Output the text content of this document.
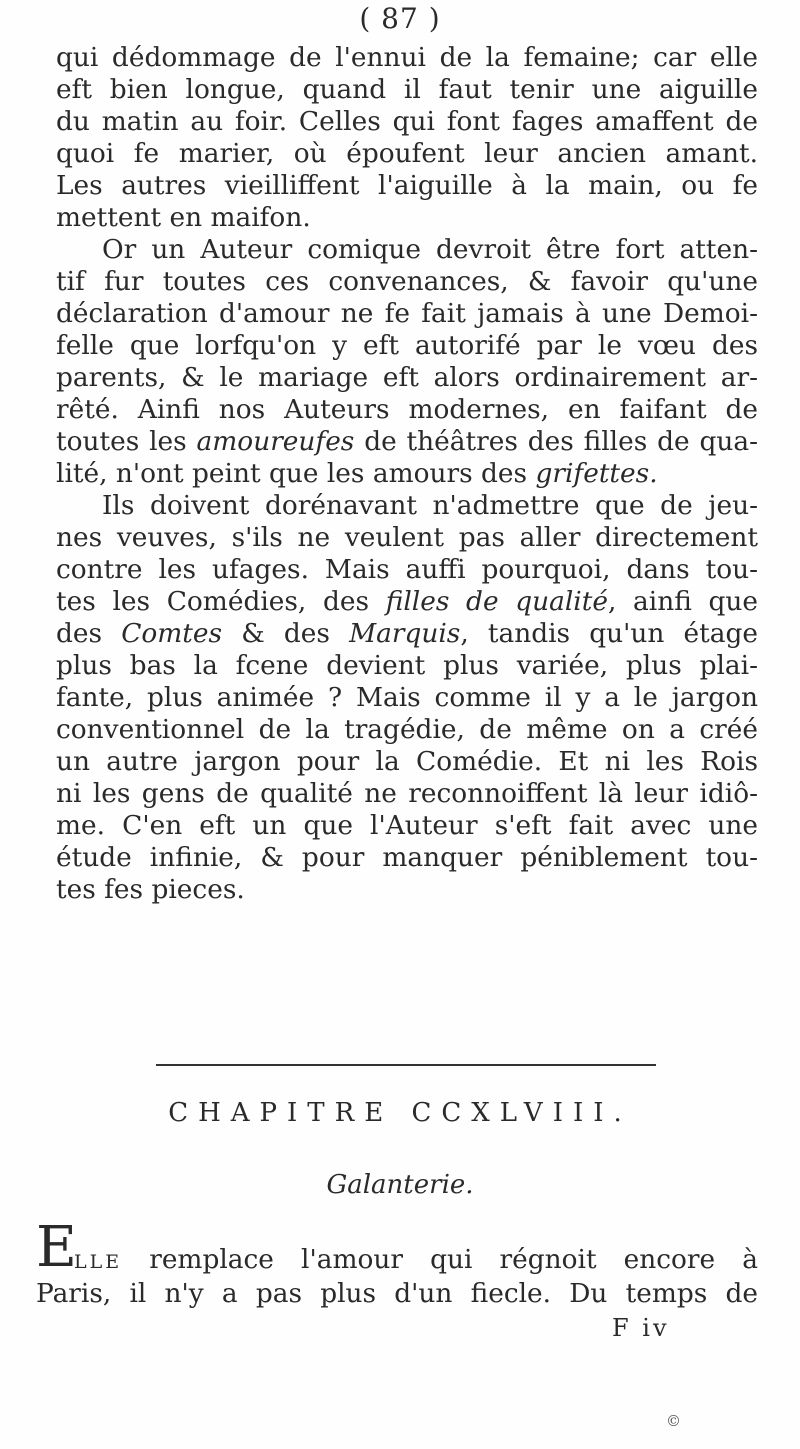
( 87 )
qui dédommage de l'ennui de la femaine; car elle
eft bien longue, quand il faut tenir une aiguille
du matin au foir. Celles qui font fages amaffent de
quoi fe marier, où époufent leur ancien amant.
Les autres vieilliffent l'aiguille à la main, ou fe
mettent en maifon.
Or un Auteur comique devroit être fort atten-
tif fur toutes ces convenances, & favoir qu'une
déclaration d'amour ne fe fait jamais à une Demoi-
felle que lorfqu'on y eft autorifé par le vœu des
parents, & le mariage eft alors ordinairement ar-
rêté. Ainfi nos Auteurs modernes, en faifant de
toutes les amoureufes de théâtres des filles de qua-
lité, n'ont peint que les amours des grifettes.
Ils doivent dorénavant n'admettre que de jeu-
nes veuves, s'ils ne veulent pas aller directement
contre les ufages. Mais auffi pourquoi, dans tou-
tes les Comédies, des filles de qualité, ainfi que
des Comtes & des Marquis, tandis qu'un étage
plus bas la fcene devient plus variée, plus plai-
fante, plus animée ? Mais comme il y a le jargon
conventionnel de la tragédie, de même on a créé
un autre jargon pour la Comédie. Et ni les Rois
ni les gens de qualité ne reconnoiffent là leur idiô-
me. C'en eft un que l'Auteur s'eft fait avec une
étude infinie, & pour manquer péniblement tou-
tes fes pieces.
CHAPITRE CCXLVIII.
Galanterie.
E
LLE remplace l'amour qui régnoit encore à
Paris, il n'y a pas plus d'un fiecle. Du temps de
F iv
©
